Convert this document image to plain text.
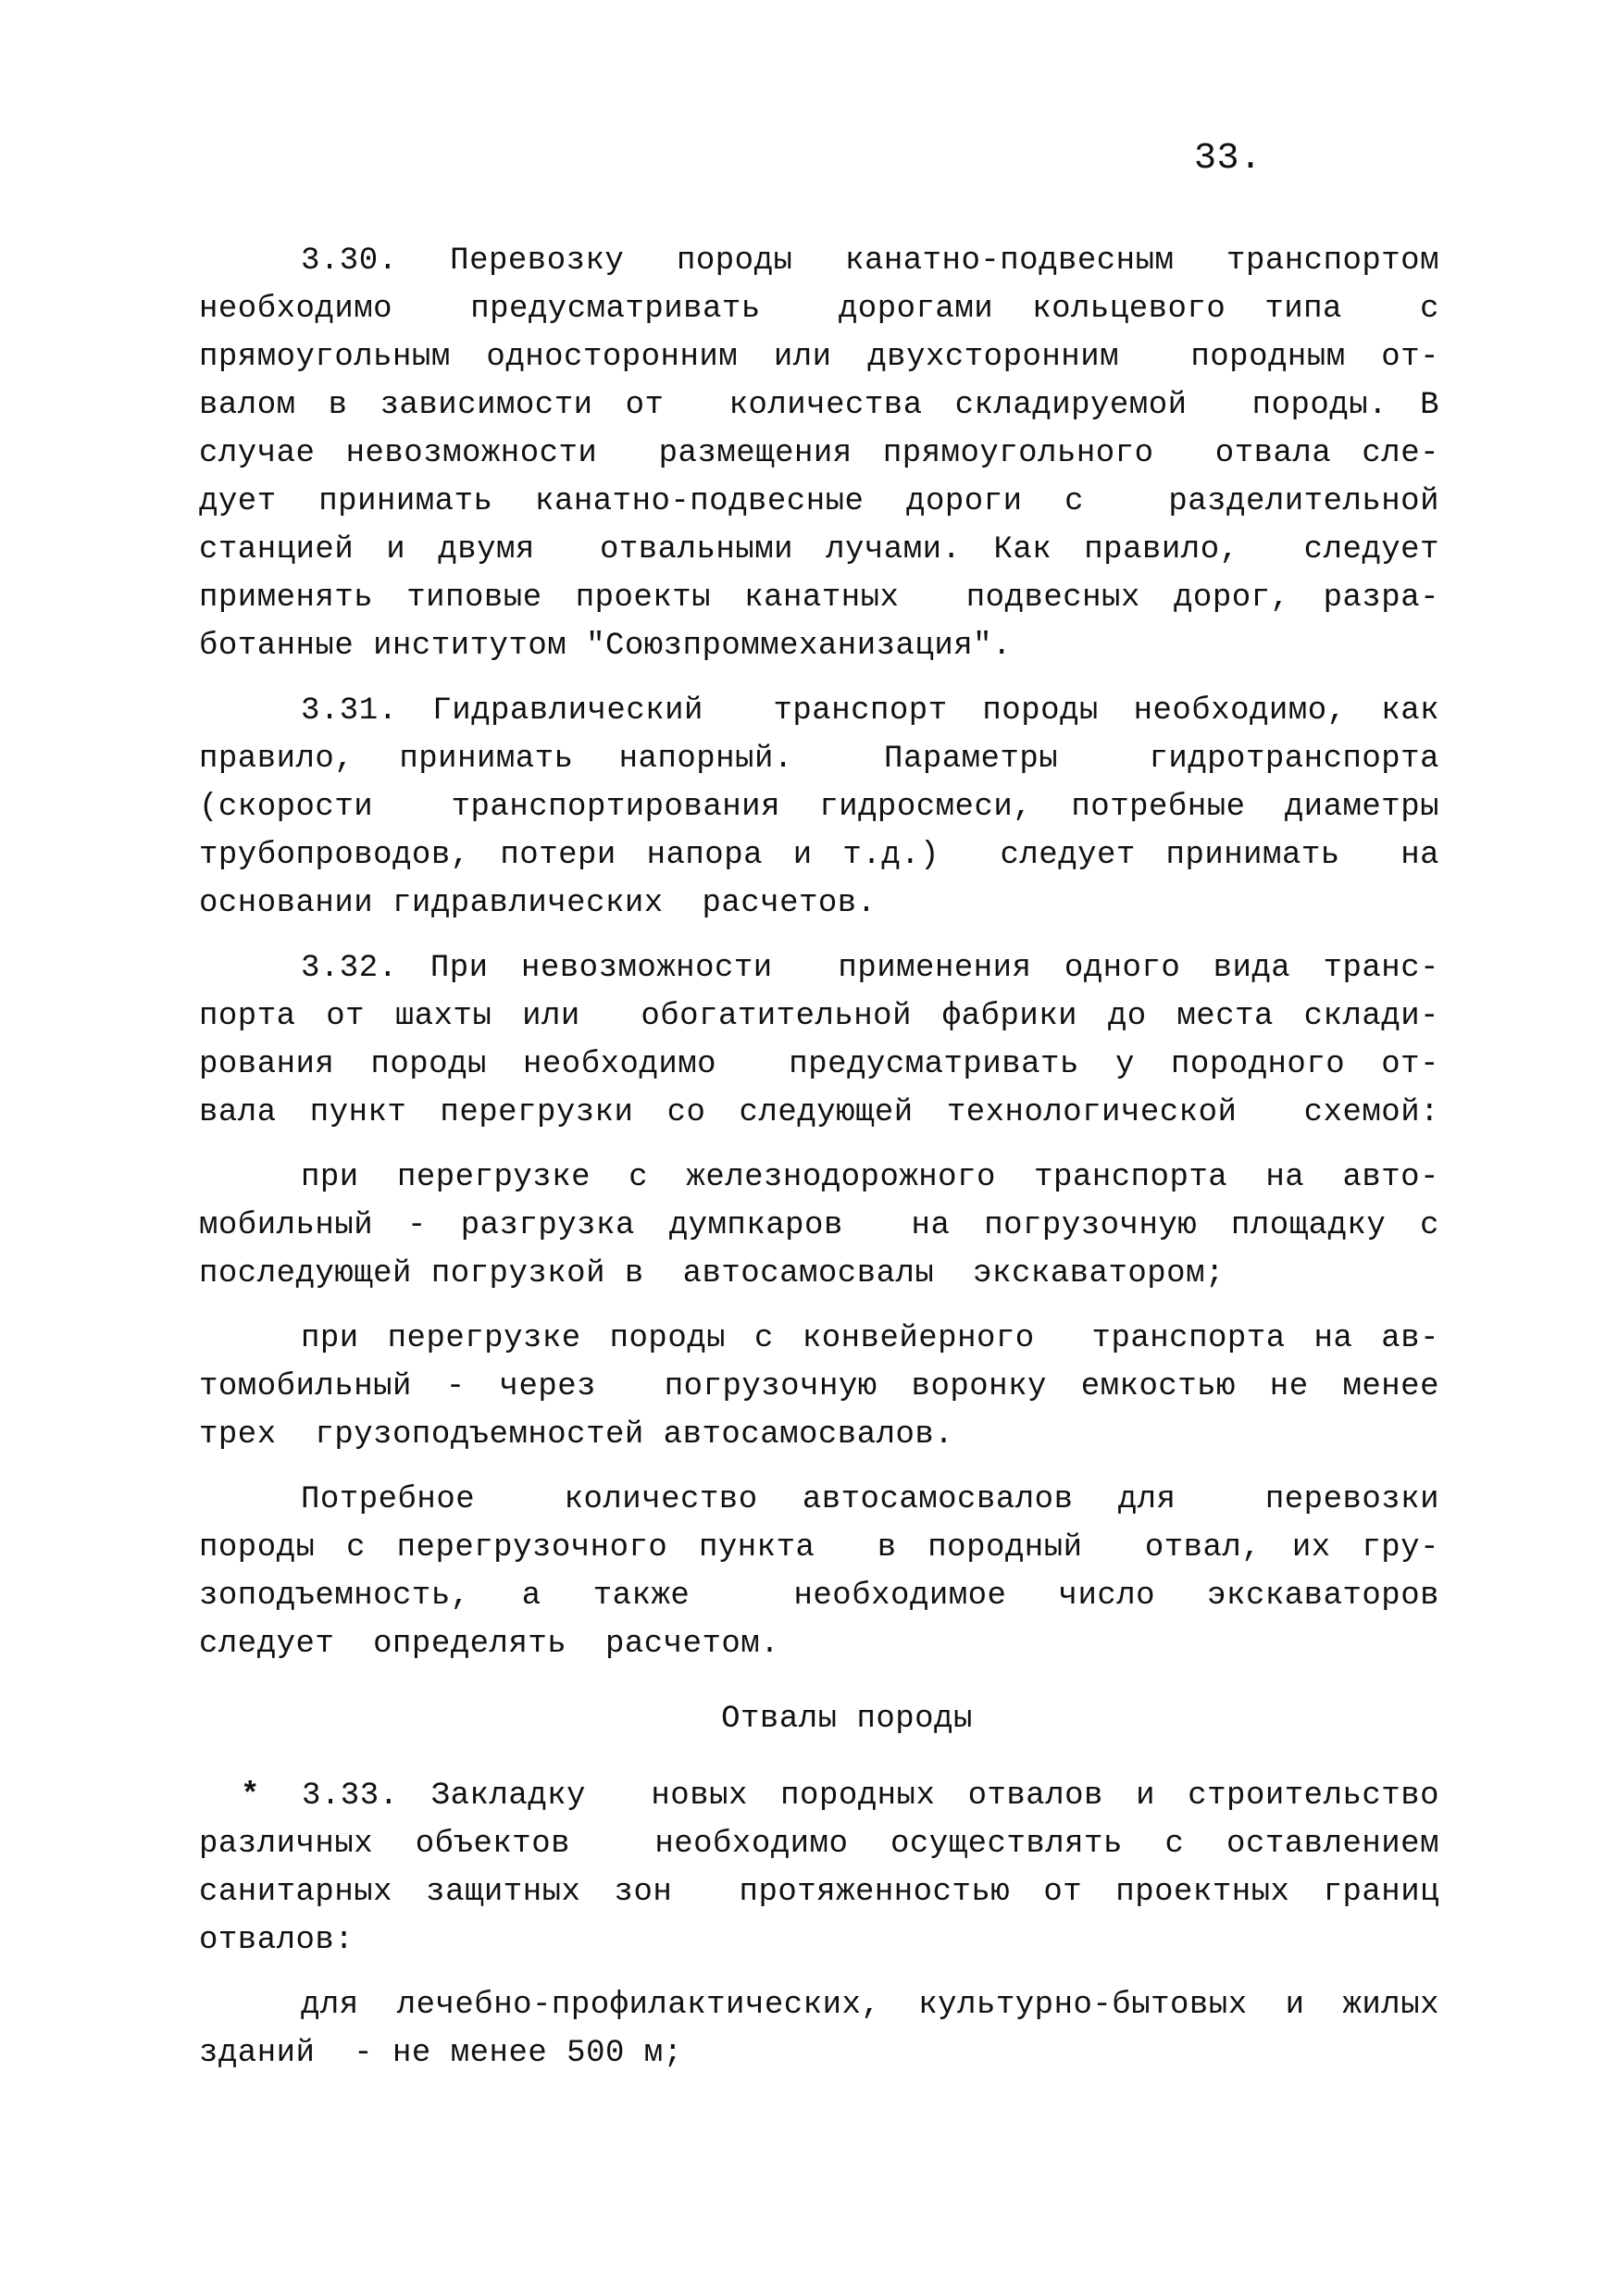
33.
3.30. Перевозку породы канатно-подвесным транспортом
необходимо  предусматривать  дорогами кольцевого типа  с
прямоугольным односторонним или двухсторонним  породным от-
валом в зависимости от  количества складируемой  породы. В
случае невозможности  размещения прямоугольного  отвала сле-
дует принимать канатно-подвесные дороги с  разделительной
станцией и двумя  отвальными лучами. Как правило,  следует
применять типовые проекты канатных  подвесных дорог, разра-
ботанные институтом "Союзпроммеханизация".
3.31. Гидравлический  транспорт породы необходимо, как
правило, принимать напорный.  Параметры  гидротранспорта
(скорости  транспортирования гидросмеси, потребные диаметры
трубопроводов, потери напора и т.д.)  следует принимать  на
основании гидравлических  расчетов.
3.32. При невозможности  применения одного вида транс-
порта от шахты или  обогатительной фабрики до места склади-
рования породы необходимо  предусматривать у породного от-
вала пункт перегрузки со следующей технологической  схемой:
при перегрузке с железнодорожного транспорта на авто-
мобильный - разгрузка думпкаров  на погрузочную площадку с
последующей погрузкой в  автосамосвалы  экскаватором;
при перегрузке породы с конвейерного  транспорта на ав-
томобильный - через  погрузочную воронку емкостью не менее
трех  грузоподъемностей автосамосвалов.
Потребное  количество автосамосвалов для  перевозки
породы с перегрузочного пункта  в породный  отвал, их гру-
зоподъемность, а также  необходимое число экскаваторов
следует  определять  расчетом.
Отвалы породы
* 3.33. Закладку  новых породных отвалов и строительство
различных объектов  необходимо осуществлять с оставлением
санитарных защитных зон  протяженностью от проектных границ
отвалов:
для лечебно-профилактических, культурно-бытовых и жилых
зданий  - не менее 500 м;
